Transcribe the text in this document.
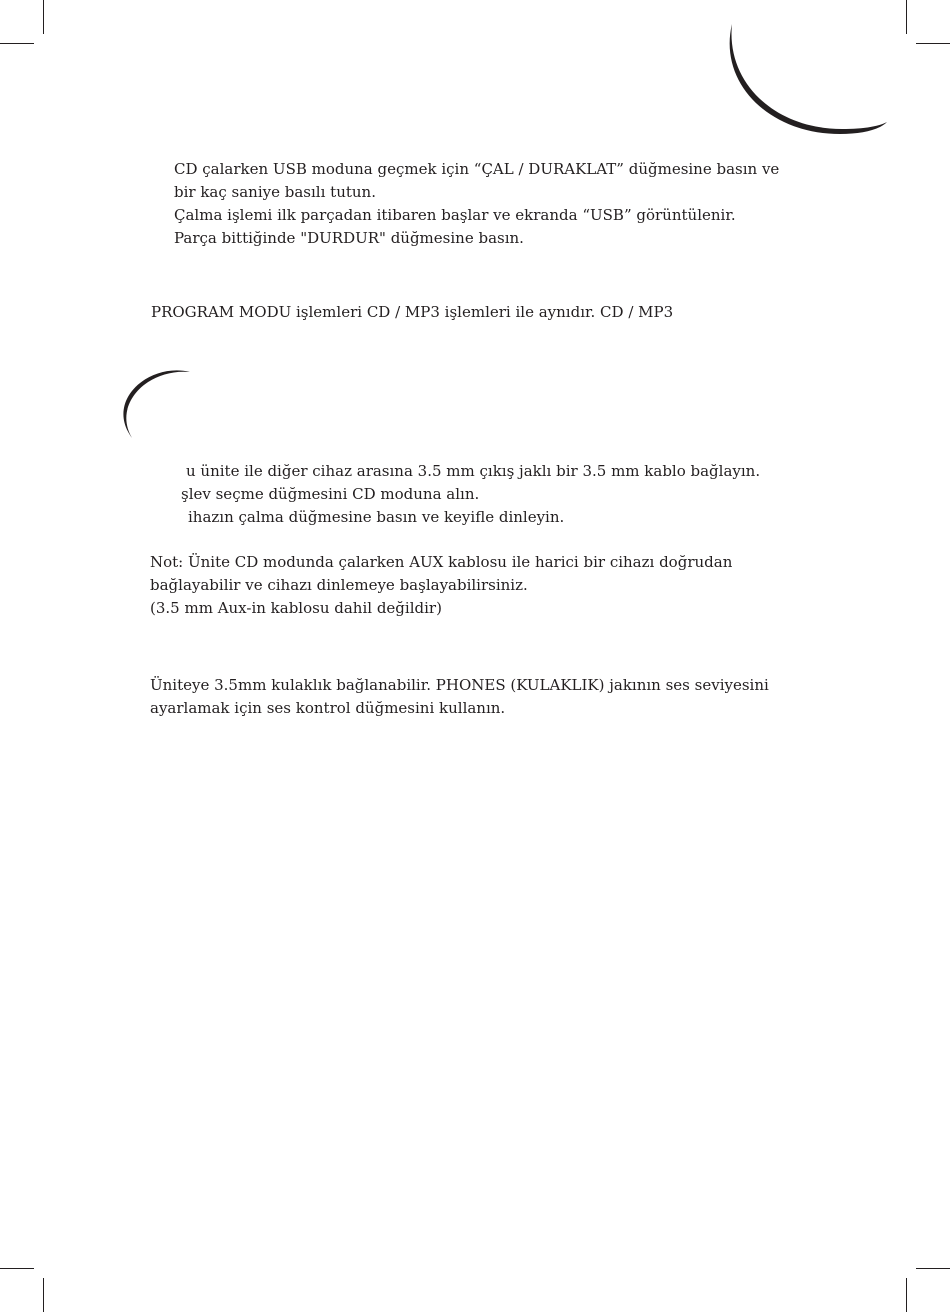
CD çalarken USB moduna geçmek için “ÇAL / DURAKLAT” düğmesine basın ve

bir kaç saniye basılı tutun.

Çalma işlemi ilk parçadan itibaren başlar ve ekranda “USB” görüntülenir.

Parça bittiğinde "DURDUR" düğmesine basın.

PROGRAM MODU işlemleri CD / MP3 işlemleri ile aynıdır. CD / MP3

u ünite ile diğer cihaz arasına 3.5 mm çıkış jaklı bir 3.5 mm kablo bağlayın.

şlev seçme düğmesini CD moduna alın.

ihazın çalma düğmesine basın ve keyifle dinleyin.

Not: Ünite CD modunda çalarken AUX kablosu ile harici bir cihazı doğrudan

bağlayabilir ve cihazı dinlemeye başlayabilirsiniz.

(3.5 mm Aux-in kablosu dahil değildir)

Üniteye 3.5mm kulaklık bağlanabilir. PHONES (KULAKLIK) jakının ses seviyesini

ayarlamak için ses kontrol düğmesini kullanın.
